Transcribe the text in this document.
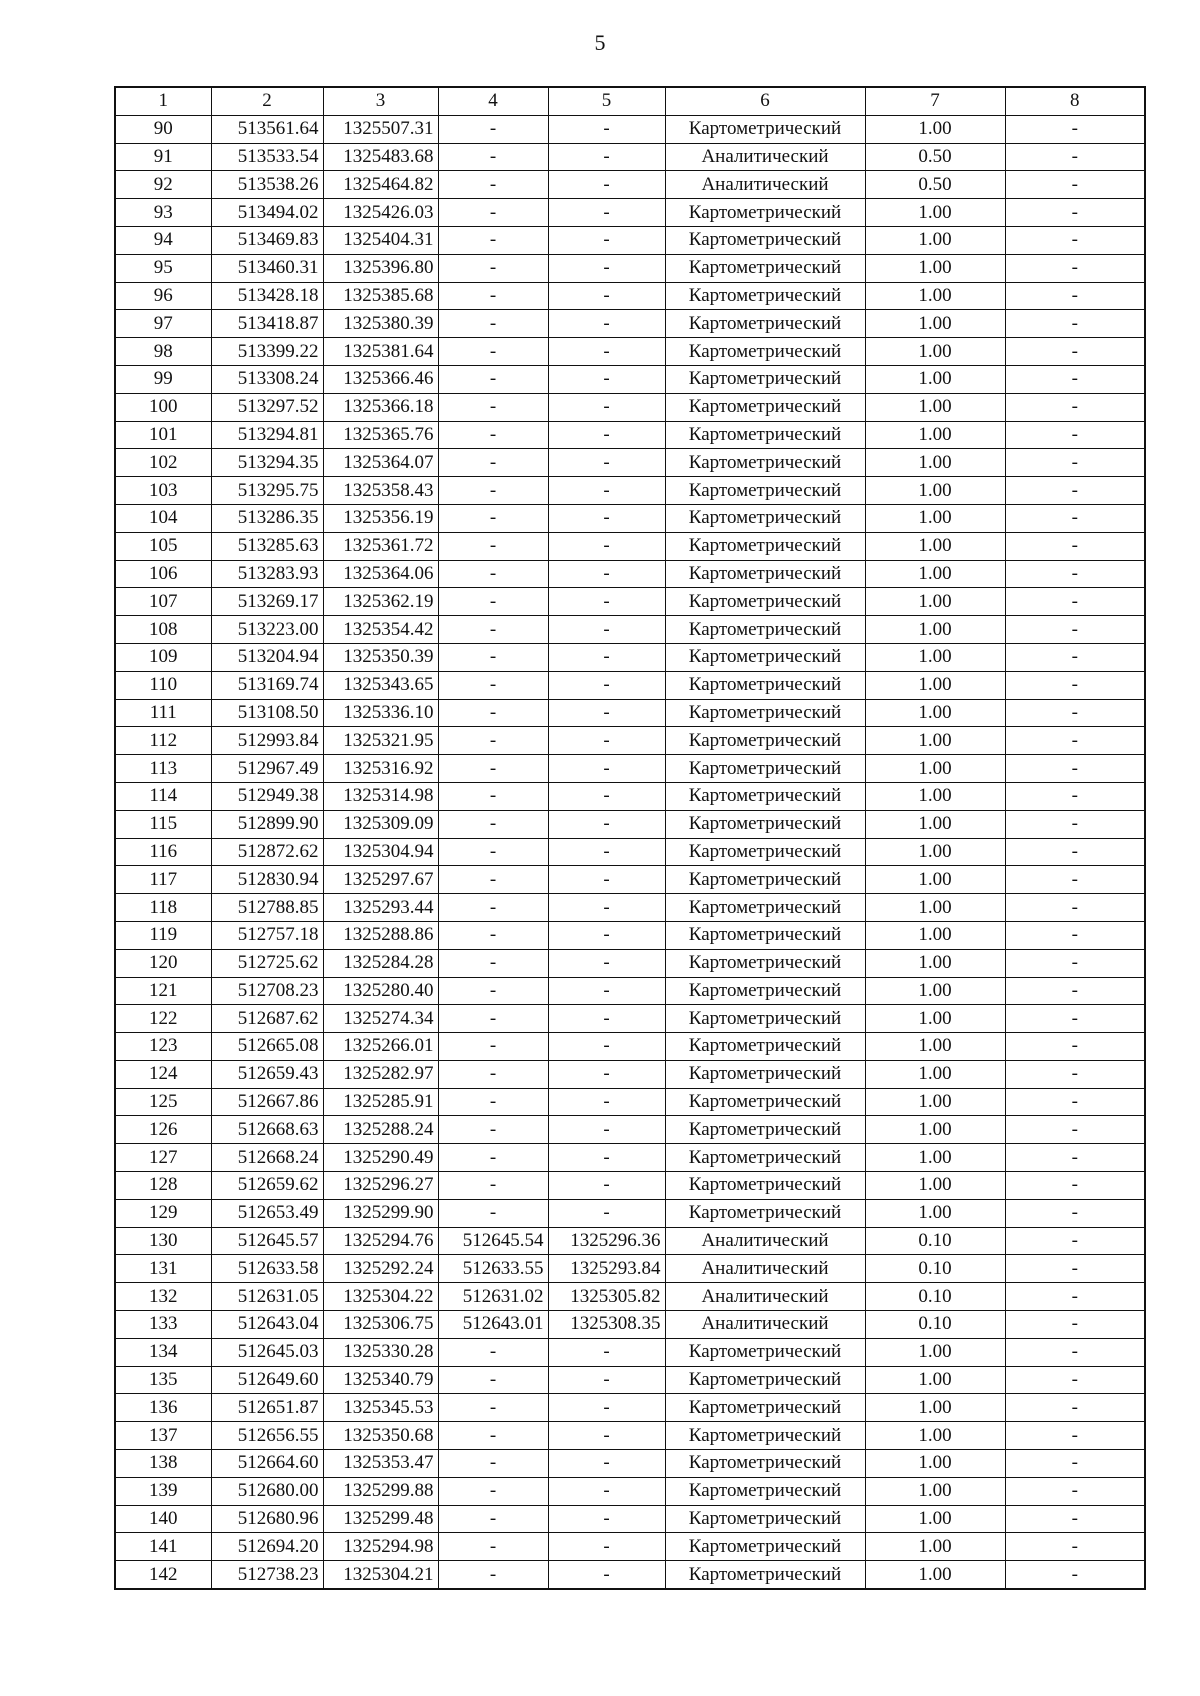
5
1	2	3	4	5	6	7	8
90	513561.64	1325507.31	-	-	Картометрический	1.00	-
91	513533.54	1325483.68	-	-	Аналитический	0.50	-
92	513538.26	1325464.82	-	-	Аналитический	0.50	-
93	513494.02	1325426.03	-	-	Картометрический	1.00	-
94	513469.83	1325404.31	-	-	Картометрический	1.00	-
95	513460.31	1325396.80	-	-	Картометрический	1.00	-
96	513428.18	1325385.68	-	-	Картометрический	1.00	-
97	513418.87	1325380.39	-	-	Картометрический	1.00	-
98	513399.22	1325381.64	-	-	Картометрический	1.00	-
99	513308.24	1325366.46	-	-	Картометрический	1.00	-
100	513297.52	1325366.18	-	-	Картометрический	1.00	-
101	513294.81	1325365.76	-	-	Картометрический	1.00	-
102	513294.35	1325364.07	-	-	Картометрический	1.00	-
103	513295.75	1325358.43	-	-	Картометрический	1.00	-
104	513286.35	1325356.19	-	-	Картометрический	1.00	-
105	513285.63	1325361.72	-	-	Картометрический	1.00	-
106	513283.93	1325364.06	-	-	Картометрический	1.00	-
107	513269.17	1325362.19	-	-	Картометрический	1.00	-
108	513223.00	1325354.42	-	-	Картометрический	1.00	-
109	513204.94	1325350.39	-	-	Картометрический	1.00	-
110	513169.74	1325343.65	-	-	Картометрический	1.00	-
111	513108.50	1325336.10	-	-	Картометрический	1.00	-
112	512993.84	1325321.95	-	-	Картометрический	1.00	-
113	512967.49	1325316.92	-	-	Картометрический	1.00	-
114	512949.38	1325314.98	-	-	Картометрический	1.00	-
115	512899.90	1325309.09	-	-	Картометрический	1.00	-
116	512872.62	1325304.94	-	-	Картометрический	1.00	-
117	512830.94	1325297.67	-	-	Картометрический	1.00	-
118	512788.85	1325293.44	-	-	Картометрический	1.00	-
119	512757.18	1325288.86	-	-	Картометрический	1.00	-
120	512725.62	1325284.28	-	-	Картометрический	1.00	-
121	512708.23	1325280.40	-	-	Картометрический	1.00	-
122	512687.62	1325274.34	-	-	Картометрический	1.00	-
123	512665.08	1325266.01	-	-	Картометрический	1.00	-
124	512659.43	1325282.97	-	-	Картометрический	1.00	-
125	512667.86	1325285.91	-	-	Картометрический	1.00	-
126	512668.63	1325288.24	-	-	Картометрический	1.00	-
127	512668.24	1325290.49	-	-	Картометрический	1.00	-
128	512659.62	1325296.27	-	-	Картометрический	1.00	-
129	512653.49	1325299.90	-	-	Картометрический	1.00	-
130	512645.57	1325294.76	512645.54	1325296.36	Аналитический	0.10	-
131	512633.58	1325292.24	512633.55	1325293.84	Аналитический	0.10	-
132	512631.05	1325304.22	512631.02	1325305.82	Аналитический	0.10	-
133	512643.04	1325306.75	512643.01	1325308.35	Аналитический	0.10	-
134	512645.03	1325330.28	-	-	Картометрический	1.00	-
135	512649.60	1325340.79	-	-	Картометрический	1.00	-
136	512651.87	1325345.53	-	-	Картометрический	1.00	-
137	512656.55	1325350.68	-	-	Картометрический	1.00	-
138	512664.60	1325353.47	-	-	Картометрический	1.00	-
139	512680.00	1325299.88	-	-	Картометрический	1.00	-
140	512680.96	1325299.48	-	-	Картометрический	1.00	-
141	512694.20	1325294.98	-	-	Картометрический	1.00	-
142	512738.23	1325304.21	-	-	Картометрический	1.00	-
